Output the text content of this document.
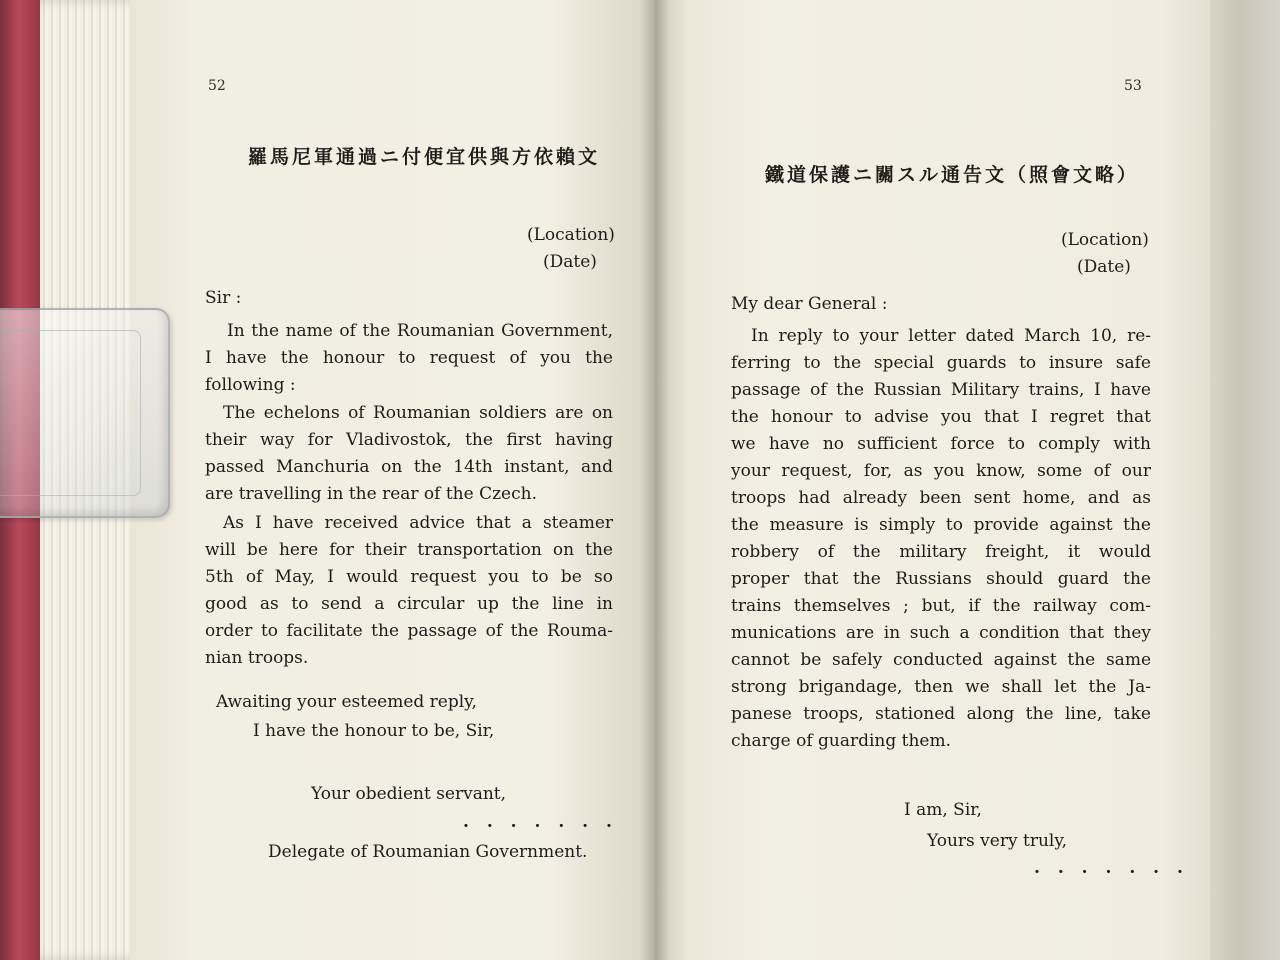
52
羅馬尼軍通過ニ付便宜供與方依賴文
(Location)
(Date)
Sir :
In the name of the Roumanian Government,
I have the honour to request of you the
following :
The echelons of Roumanian soldiers are on
their way for Vladivostok, the first having
passed Manchuria on the 14th instant, and
are travelling in the rear of the Czech.
As I have received advice that a steamer
will be here for their transportation on the
5th of May, I would request you to be so
good as to send a circular up the line in
order to facilitate the passage of the Rouma-
nian troops.
Awaiting your esteemed reply,
I have the honour to be, Sir,
Your obedient servant,
. . . . . . .
Delegate of Roumanian Government.
53
鐵道保護ニ關スル通告文（照會文略）
(Location)
(Date)
My dear General :
In reply to your letter dated March 10, re-
ferring to the special guards to insure safe
passage of the Russian Military trains, I have
the honour to advise you that I regret that
we have no sufficient force to comply with
your request, for, as you know, some of our
troops had already been sent home, and as
the measure is simply to provide against the
robbery of the military freight, it would
proper that the Russians should guard the
trains themselves ; but, if the railway com-
munications are in such a condition that they
cannot be safely conducted against the same
strong brigandage, then we shall let the Ja-
panese troops, stationed along the line, take
charge of guarding them.
I am, Sir,
Yours very truly,
. . . . . . .
